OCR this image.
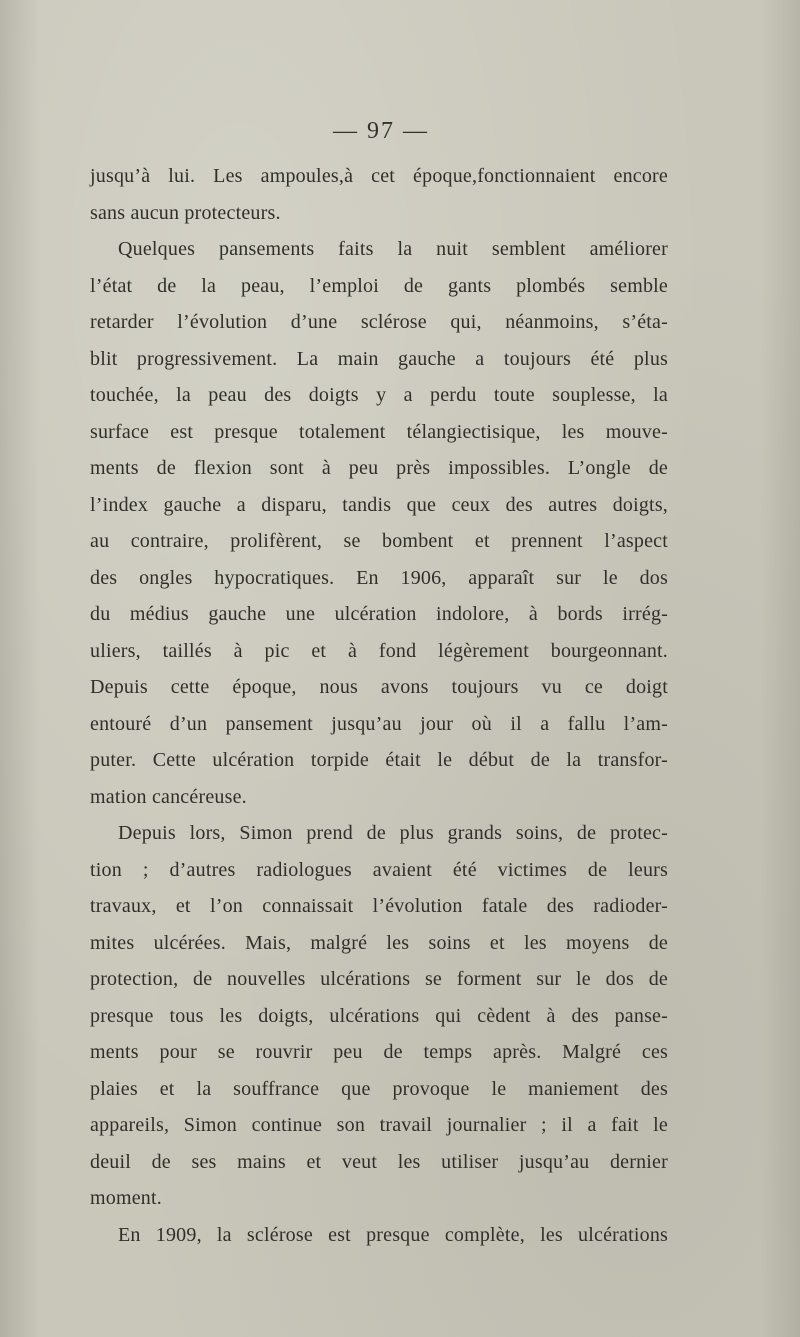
— 97 —
jusqu’à lui. Les ampoules,à cet époque,fonctionnaient encore
sans aucun protecteurs.
Quelques pansements faits la nuit semblent améliorer
l’état de la peau, l’emploi de gants plombés semble
retarder l’évolution d’une sclérose qui, néanmoins, s’éta-
blit progressivement. La main gauche a toujours été plus
touchée, la peau des doigts y a perdu toute souplesse, la
surface est presque totalement télangiectisique, les mouve-
ments de flexion sont à peu près impossibles. L’ongle de
l’index gauche a disparu, tandis que ceux des autres doigts,
au contraire, prolifèrent, se bombent et prennent l’aspect
des ongles hypocratiques. En 1906, apparaît sur le dos
du médius gauche une ulcération indolore, à bords irrég-
uliers, taillés à pic et à fond légèrement bourgeonnant.
Depuis cette époque, nous avons toujours vu ce doigt
entouré d’un pansement jusqu’au jour où il a fallu l’am-
puter. Cette ulcération torpide était le début de la transfor-
mation cancéreuse.
Depuis lors, Simon prend de plus grands soins, de protec-
tion ; d’autres radiologues avaient été victimes de leurs
travaux, et l’on connaissait l’évolution fatale des radioder-
mites ulcérées. Mais, malgré les soins et les moyens de
protection, de nouvelles ulcérations se forment sur le dos de
presque tous les doigts, ulcérations qui cèdent à des panse-
ments pour se rouvrir peu de temps après. Malgré ces
plaies et la souffrance que provoque le maniement des
appareils, Simon continue son travail journalier ; il a fait le
deuil de ses mains et veut les utiliser jusqu’au dernier
moment.
En 1909, la sclérose est presque complète, les ulcérations
